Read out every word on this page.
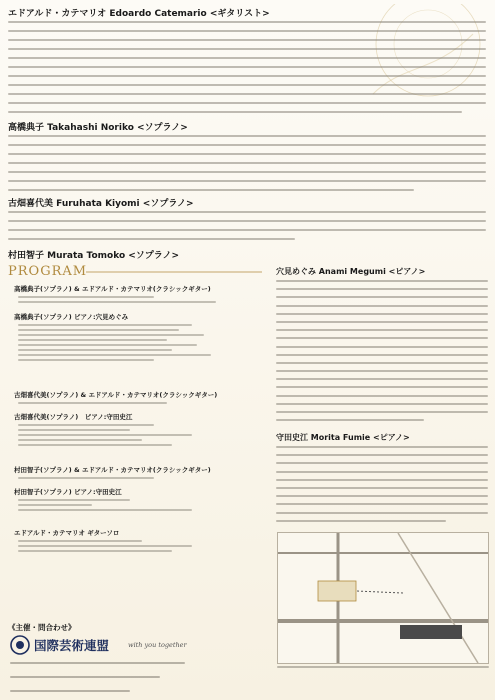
エドアルド・カテマリオ Edoardo Catemario <ギタリスト>
高橋典子 Takahashi Noriko <ソプラノ>
古畑喜代美 Furuhata Kiyomi <ソプラノ>
村田智子 Murata Tomoko <ソプラノ>
PROGRAM
高橋典子(ソプラノ) & エドアルド・カテマリオ(クラシックギター)
高橋典子(ソプラノ) ピアノ:穴見めぐみ
古畑喜代美(ソプラノ) & エドアルド・カテマリオ(クラシックギター)
古畑喜代美(ソプラノ)　ピアノ:守田史江
村田智子(ソプラノ) & エドアルド・カテマリオ(クラシックギター)
村田智子(ソプラノ) ピアノ:守田史江
エドアルド・カテマリオ ギターソロ
穴見めぐみ Anami Megumi <ピアノ>
守田史江 Morita Fumie <ピアノ>
《主催・問合わせ》
国際芸術連盟	with you together
